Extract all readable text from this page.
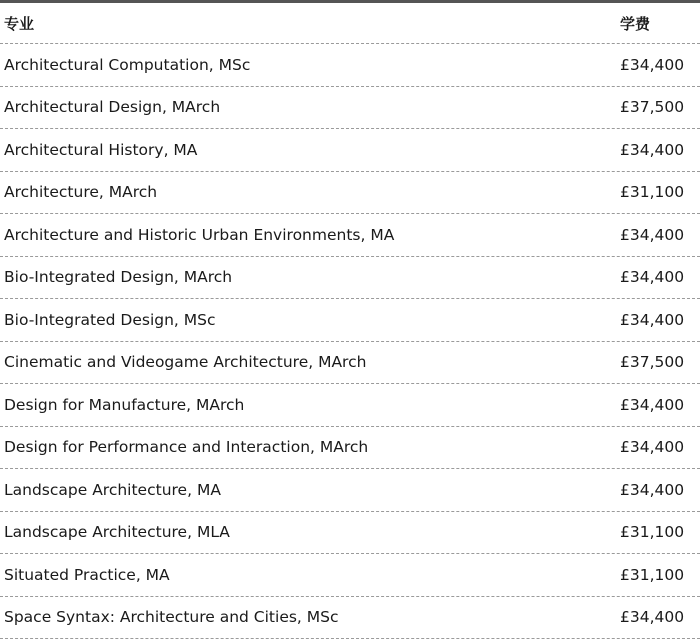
专业	学费
Architectural Computation, MSc	£34,400
Architectural Design, MArch	£37,500
Architectural History, MA	£34,400
Architecture, MArch	£31,100
Architecture and Historic Urban Environments, MA	£34,400
Bio-Integrated Design, MArch	£34,400
Bio-Integrated Design, MSc	£34,400
Cinematic and Videogame Architecture, MArch	£37,500
Design for Manufacture, MArch	£34,400
Design for Performance and Interaction, MArch	£34,400
Landscape Architecture, MA	£34,400
Landscape Architecture, MLA	£31,100
Situated Practice, MA	£31,100
Space Syntax: Architecture and Cities, MSc	£34,400
